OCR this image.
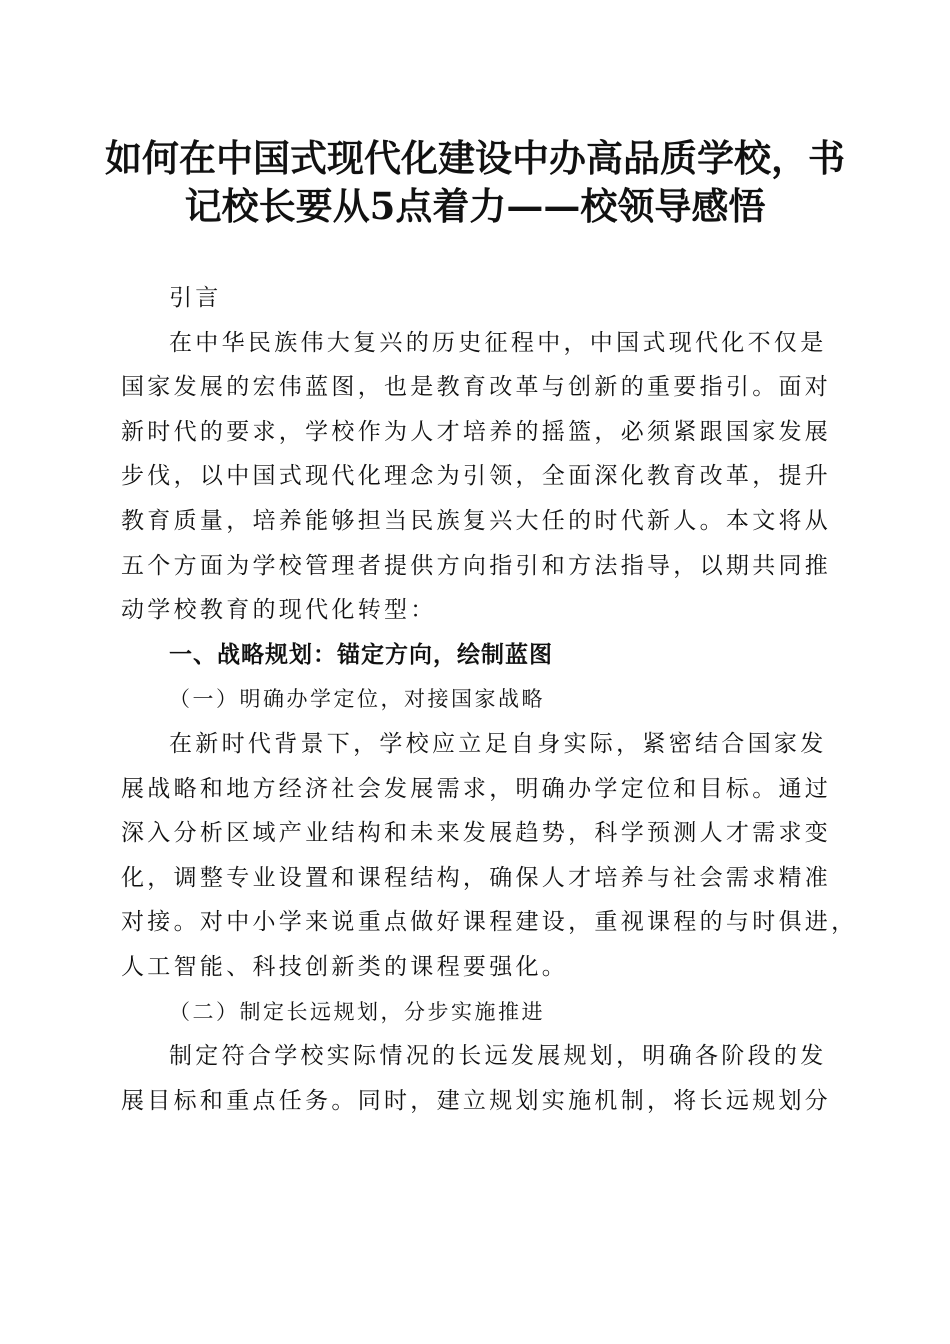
如何在中国式现代化建设中办高品质学校，书
记校长要从5点着力——校领导感悟
引言
在中华民族伟大复兴的历史征程中，中国式现代化不仅是
国家发展的宏伟蓝图，也是教育改革与创新的重要指引。面对
新时代的要求，学校作为人才培养的摇篮，必须紧跟国家发展
步伐，以中国式现代化理念为引领，全面深化教育改革，提升
教育质量，培养能够担当民族复兴大任的时代新人。本文将从
五个方面为学校管理者提供方向指引和方法指导，以期共同推
动学校教育的现代化转型：
一、战略规划：锚定方向，绘制蓝图
（一）明确办学定位，对接国家战略
在新时代背景下，学校应立足自身实际，紧密结合国家发
展战略和地方经济社会发展需求，明确办学定位和目标。通过
深入分析区域产业结构和未来发展趋势，科学预测人才需求变
化，调整专业设置和课程结构，确保人才培养与社会需求精准
对接。对中小学来说重点做好课程建设，重视课程的与时俱进，
人工智能、科技创新类的课程要强化。
（二）制定长远规划，分步实施推进
制定符合学校实际情况的长远发展规划，明确各阶段的发
展目标和重点任务。同时，建立规划实施机制，将长远规划分
